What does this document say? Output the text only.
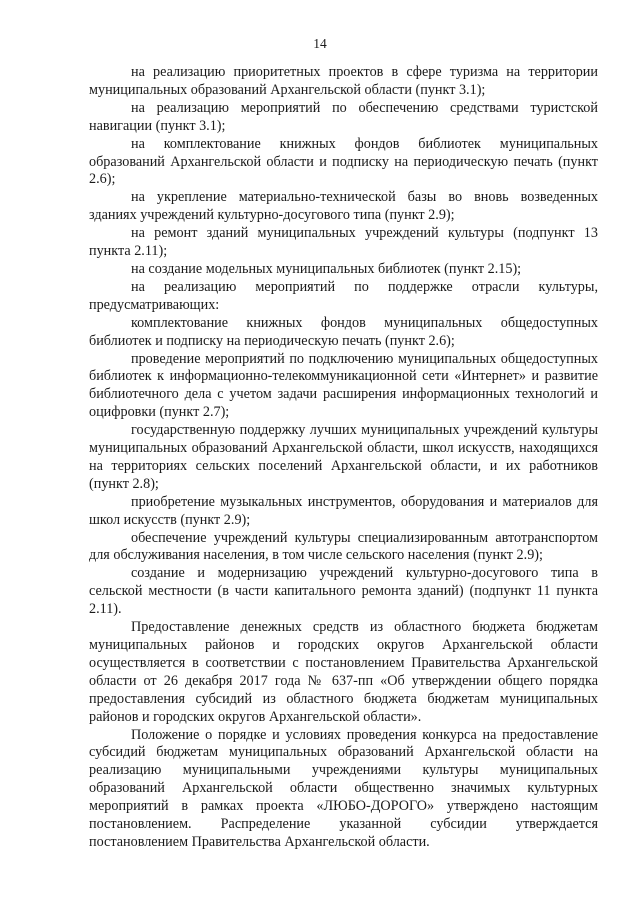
14

на реализацию приоритетных проектов в сфере туризма на территории муниципальных образований Архангельской области (пункт 3.1);

на реализацию мероприятий по обеспечению средствами туристской навигации (пункт 3.1);

на комплектование книжных фондов библиотек муниципальных образований Архангельской области и подписку на периодическую печать (пункт 2.6);

на укрепление материально-технической базы во вновь возведенных зданиях учреждений культурно-досугового типа (пункт 2.9);

на ремонт зданий муниципальных учреждений культуры (подпункт 13 пункта 2.11);

на создание модельных муниципальных библиотек (пункт 2.15);

на реализацию мероприятий по поддержке отрасли культуры, предусматривающих:

комплектование книжных фондов муниципальных общедоступных библиотек и подписку на периодическую печать (пункт 2.6);

проведение мероприятий по подключению муниципальных общедоступных библиотек к информационно-телекоммуникационной сети «Интернет» и развитие библиотечного дела с учетом задачи расширения информационных технологий и оцифровки (пункт 2.7);

государственную поддержку лучших муниципальных учреждений культуры муниципальных образований Архангельской области, школ искусств, находящихся на территориях сельских поселений Архангельской области, и их работников (пункт 2.8);

приобретение музыкальных инструментов, оборудования и материалов для школ искусств (пункт 2.9);

обеспечение учреждений культуры специализированным автотранспортом для обслуживания населения, в том числе сельского населения (пункт 2.9);

создание и модернизацию учреждений культурно-досугового типа в сельской местности (в части капитального ремонта зданий) (подпункт 11 пункта 2.11).

Предоставление денежных средств из областного бюджета бюджетам муниципальных районов и городских округов Архангельской области осуществляется в соответствии с постановлением Правительства Архангельской области от 26 декабря 2017 года № 637-пп «Об утверждении общего порядка предоставления субсидий из областного бюджета бюджетам муниципальных районов и городских округов Архангельской области».

Положение о порядке и условиях проведения конкурса на предоставление субсидий бюджетам муниципальных образований Архангельской области на реализацию муниципальными учреждениями культуры муниципальных образований Архангельской области общественно значимых культурных мероприятий в рамках проекта «ЛЮБО-ДОРОГО» утверждено настоящим постановлением. Распределение указанной субсидии утверждается постановлением Правительства Архангельской области.
